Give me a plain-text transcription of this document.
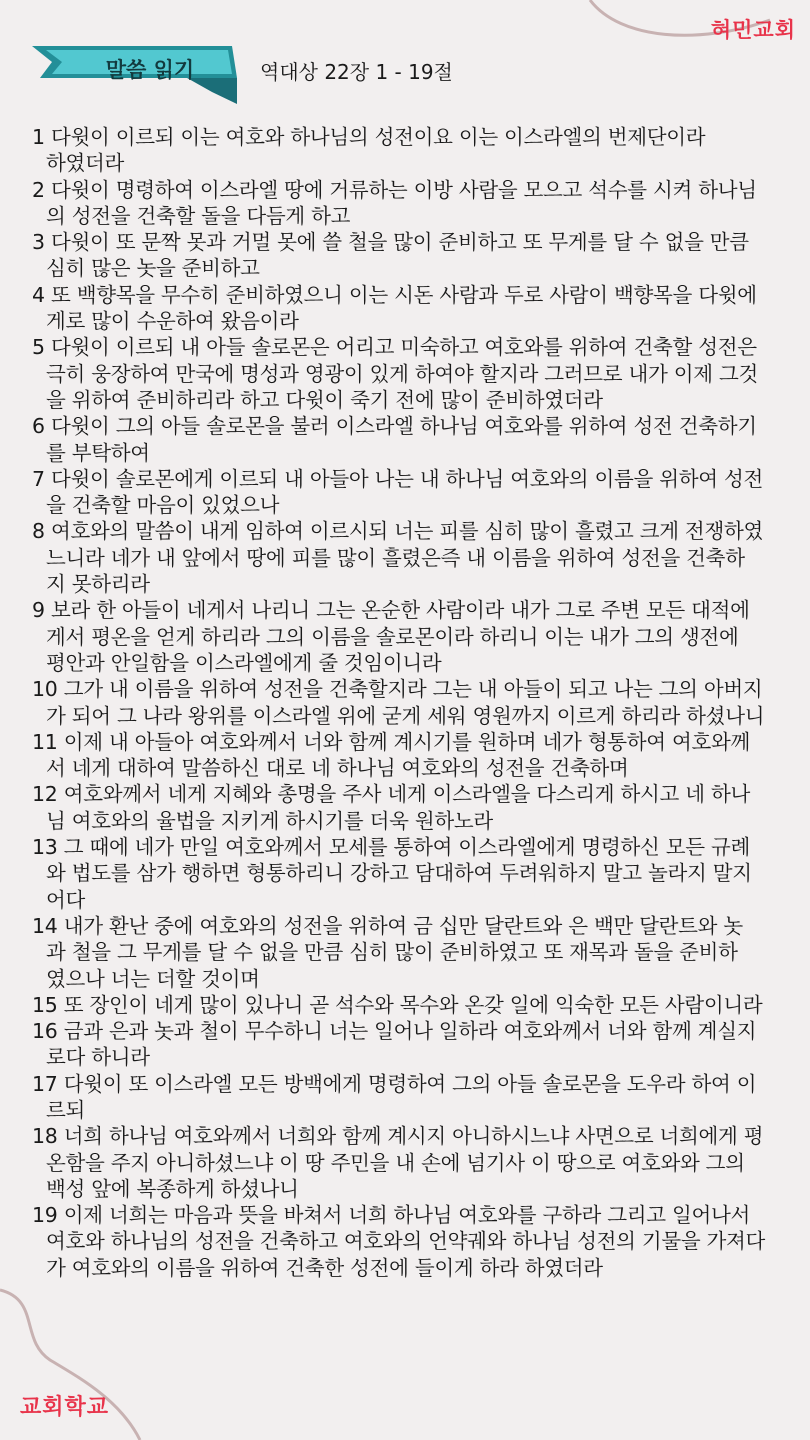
혀민교회
말씀 읽기	역대상 22장 1 - 19절
1 다윗이 이르되 이는 여호와 하나님의 성전이요 이는 이스라엘의 번제단이라
하였더라
2 다윗이 명령하여 이스라엘 땅에 거류하는 이방 사람을 모으고 석수를 시켜 하나님
의 성전을 건축할 돌을 다듬게 하고
3 다윗이 또 문짝 못과 거멀 못에 쓸 철을 많이 준비하고 또 무게를 달 수 없을 만큼
심히 많은 놋을 준비하고
4 또 백향목을 무수히 준비하였으니 이는 시돈 사람과 두로 사람이 백향목을 다윗에
게로 많이 수운하여 왔음이라
5 다윗이 이르되 내 아들 솔로몬은 어리고 미숙하고 여호와를 위하여 건축할 성전은
극히 웅장하여 만국에 명성과 영광이 있게 하여야 할지라 그러므로 내가 이제 그것
을 위하여 준비하리라 하고 다윗이 죽기 전에 많이 준비하였더라
6 다윗이 그의 아들 솔로몬을 불러 이스라엘 하나님 여호와를 위하여 성전 건축하기
를 부탁하여
7 다윗이 솔로몬에게 이르되 내 아들아 나는 내 하나님 여호와의 이름을 위하여 성전
을 건축할 마음이 있었으나
8 여호와의 말씀이 내게 임하여 이르시되 너는 피를 심히 많이 흘렸고 크게 전쟁하였
느니라 네가 내 앞에서 땅에 피를 많이 흘렸은즉 내 이름을 위하여 성전을 건축하
지 못하리라
9 보라 한 아들이 네게서 나리니 그는 온순한 사람이라 내가 그로 주변 모든 대적에
게서 평온을 얻게 하리라 그의 이름을 솔로몬이라 하리니 이는 내가 그의 생전에
평안과 안일함을 이스라엘에게 줄 것임이니라
10 그가 내 이름을 위하여 성전을 건축할지라 그는 내 아들이 되고 나는 그의 아버지
가 되어 그 나라 왕위를 이스라엘 위에 굳게 세워 영원까지 이르게 하리라 하셨나니
11 이제 내 아들아 여호와께서 너와 함께 계시기를 원하며 네가 형통하여 여호와께
서 네게 대하여 말씀하신 대로 네 하나님 여호와의 성전을 건축하며
12 여호와께서 네게 지혜와 총명을 주사 네게 이스라엘을 다스리게 하시고 네 하나
님 여호와의 율법을 지키게 하시기를 더욱 원하노라
13 그 때에 네가 만일 여호와께서 모세를 통하여 이스라엘에게 명령하신 모든 규례
와 법도를 삼가 행하면 형통하리니 강하고 담대하여 두려워하지 말고 놀라지 말지
어다
14 내가 환난 중에 여호와의 성전을 위하여 금 십만 달란트와 은 백만 달란트와 놋
과 철을 그 무게를 달 수 없을 만큼 심히 많이 준비하였고 또 재목과 돌을 준비하
였으나 너는 더할 것이며
15 또 장인이 네게 많이 있나니 곧 석수와 목수와 온갖 일에 익숙한 모든 사람이니라
16 금과 은과 놋과 철이 무수하니 너는 일어나 일하라 여호와께서 너와 함께 계실지
로다 하니라
17 다윗이 또 이스라엘 모든 방백에게 명령하여 그의 아들 솔로몬을 도우라 하여 이
르되
18 너희 하나님 여호와께서 너희와 함께 계시지 아니하시느냐 사면으로 너희에게 평
온함을 주지 아니하셨느냐 이 땅 주민을 내 손에 넘기사 이 땅으로 여호와와 그의
백성 앞에 복종하게 하셨나니
19 이제 너희는 마음과 뜻을 바쳐서 너희 하나님 여호와를 구하라 그리고 일어나서
여호와 하나님의 성전을 건축하고 여호와의 언약궤와 하나님 성전의 기물을 가져다
가 여호와의 이름을 위하여 건축한 성전에 들이게 하라 하였더라
교회학교
